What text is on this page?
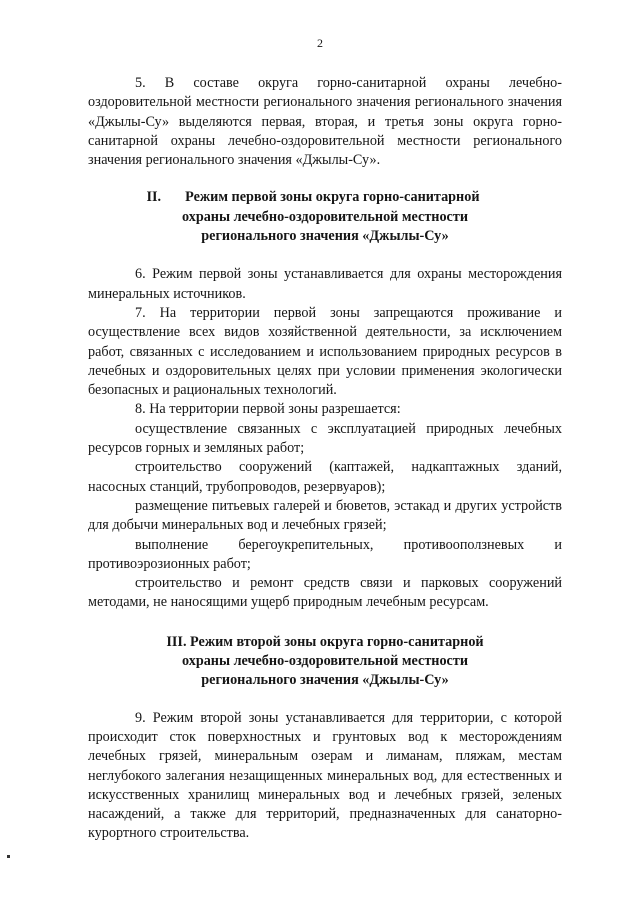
2

5. В составе округа горно-санитарной охраны лечебно-оздоровительной местности регионального значения регионального значения «Джылы-Су» выделяются первая, вторая, и третья зоны округа горно-санитарной охраны лечебно-оздоровительной местности регионального значения регионального значения «Джылы-Су».

II. Режим первой зоны округа горно-санитарной
охраны лечебно-оздоровительной местности
регионального значения «Джылы-Су»

6. Режим первой зоны устанавливается для охраны месторождения минеральных источников.

7. На территории первой зоны запрещаются проживание и осуществление всех видов хозяйственной деятельности, за исключением работ, связанных с исследованием и использованием природных ресурсов в лечебных и оздоровительных целях при условии применения экологически безопасных и рациональных технологий.

8. На территории первой зоны разрешается:

осуществление связанных с эксплуатацией природных лечебных ресурсов горных и земляных работ;

строительство сооружений (каптажей, надкаптажных зданий, насосных станций, трубопроводов, резервуаров);

размещение питьевых галерей и бюветов, эстакад и других устройств для добычи минеральных вод и лечебных грязей;

выполнение берегоукрепительных, противооползневых и противоэрозионных работ;

строительство и ремонт средств связи и парковых сооружений методами, не наносящими ущерб природным лечебным ресурсам.

III. Режим второй зоны округа горно-санитарной
охраны лечебно-оздоровительной местности
регионального значения «Джылы-Су»

9. Режим второй зоны устанавливается для территории, с которой происходит сток поверхностных и грунтовых вод к месторождениям лечебных грязей, минеральным озерам и лиманам, пляжам, местам неглубокого залегания незащищенных минеральных вод, для естественных и искусственных хранилищ минеральных вод и лечебных грязей, зеленых насаждений, а также для территорий, предназначенных для санаторно-курортного строительства.
